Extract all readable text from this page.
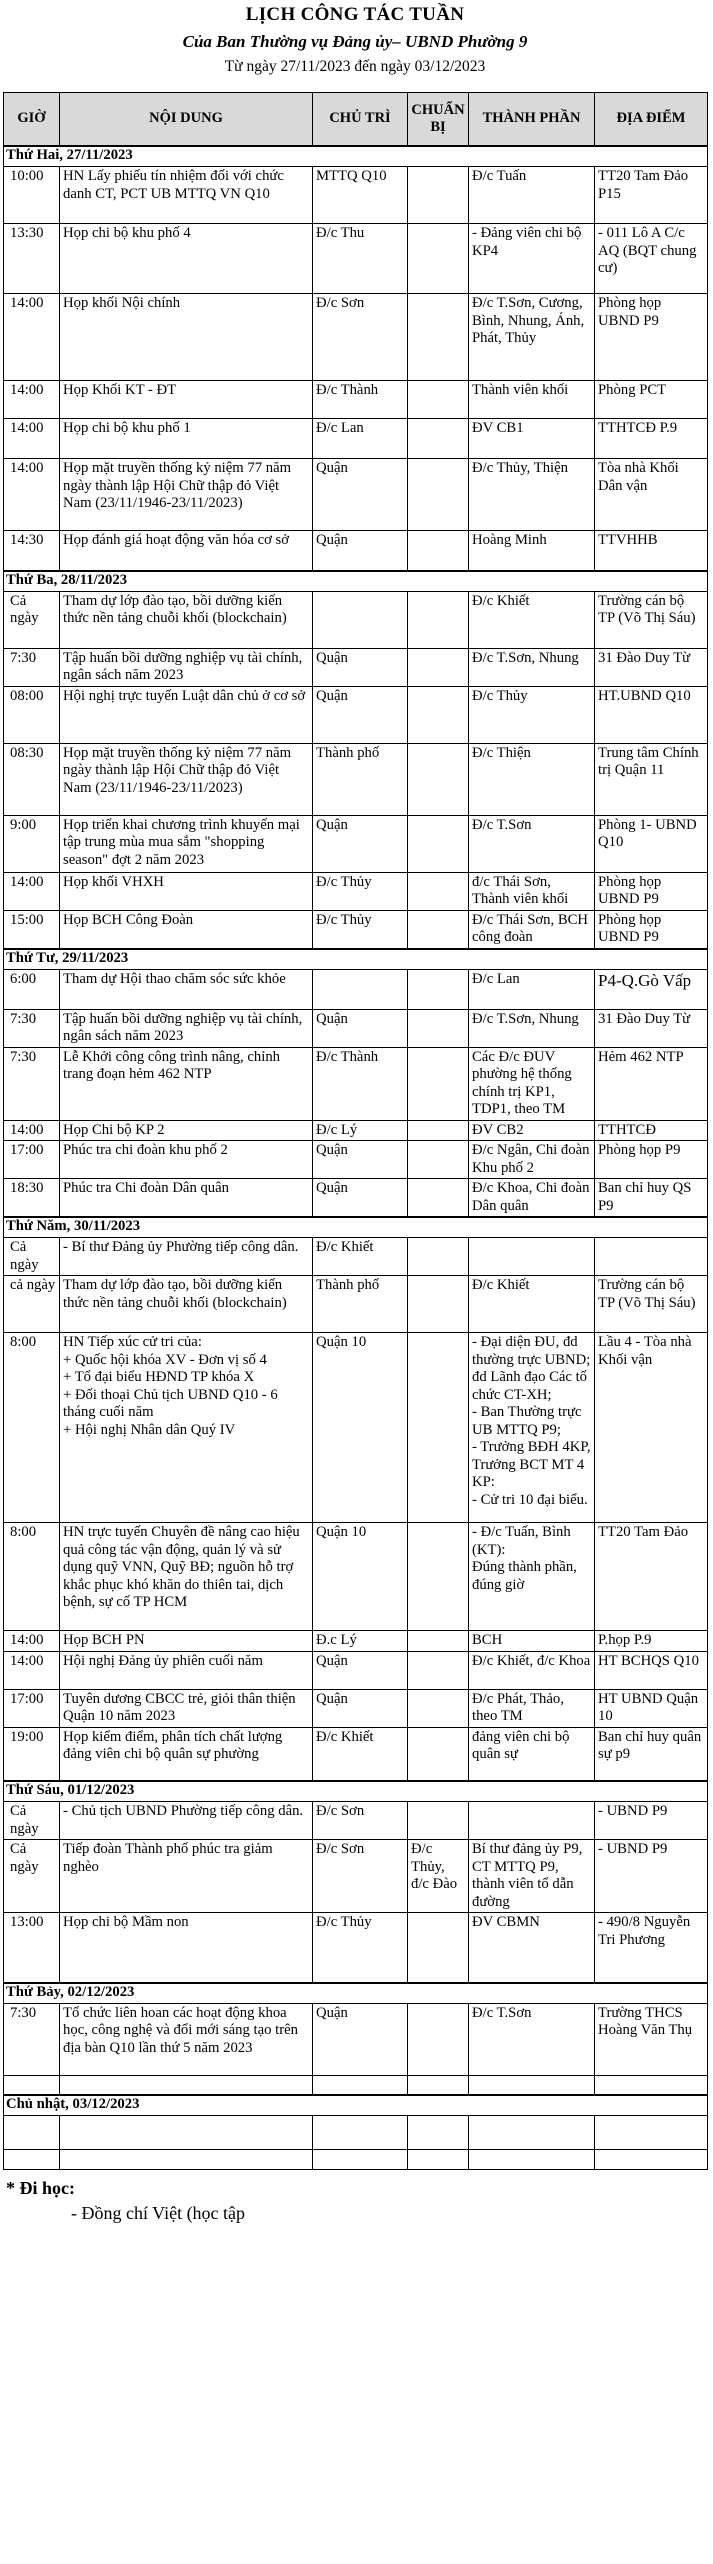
LỊCH CÔNG TÁC TUẦN
Của Ban Thường vụ Đảng ủy– UBND Phường 9
Từ ngày 27/11/2023 đến ngày 03/12/2023
GIỜ	NỘI DUNG	CHỦ TRÌ	CHUẨN BỊ	THÀNH PHẦN	ĐỊA ĐIỂM
Thứ Hai, 27/11/2023					
10:00	HN Lấy phiếu tín nhiệm đối với chức danh CT, PCT UB MTTQ VN Q10	MTTQ Q10		Đ/c Tuấn	TT20 Tam Đảo P15
13:30	Họp chi bộ khu phố 4	Đ/c Thu		- Đảng viên chi bộ KP4	- 011 Lô A C/c AQ (BQT chung cư)
14:00	Họp khối Nội chính	Đ/c Sơn		Đ/c T.Sơn, Cương, Bình, Nhung, Ánh, Phát, Thủy	Phòng họp UBND P9
14:00	Họp Khối KT - ĐT	Đ/c Thành		Thành viên khối	Phòng PCT
14:00	Họp chi bộ khu phố 1	Đ/c Lan		ĐV CB1	TTHTCĐ P.9
14:00	Họp mặt truyền thống kỷ niệm 77 năm ngày thành lập Hội Chữ thập đỏ Việt Nam (23/11/1946-23/11/2023)	Quận		Đ/c Thủy, Thiện	Tòa nhà Khối Dân vận
14:30	Họp đánh giá hoạt động văn hóa cơ sở	Quận		Hoàng Minh	TTVHHB
Thứ Ba, 28/11/2023					
Cả ngày	Tham dự lớp đào tạo, bồi dưỡng kiến thức nền tảng chuỗi khối (blockchain)			Đ/c Khiết	Trường cán bộ TP (Võ Thị Sáu)
7:30	Tập huấn bồi dưỡng nghiệp vụ tài chính, ngân sách năm 2023	Quận		Đ/c T.Sơn, Nhung	31 Đào Duy Từ
08:00	Hội nghị trực tuyến Luật dân chủ ở cơ sở	Quận		Đ/c Thủy	HT.UBND Q10
08:30	Họp mặt truyền thống kỷ niệm 77 năm ngày thành lập Hội Chữ thập đỏ Việt Nam (23/11/1946-23/11/2023)	Thành phố		Đ/c Thiện	Trung tâm Chính trị Quận 11
9:00	Họp triển khai chương trình khuyến mại tập trung mùa mua sắm "shopping season" đợt 2 năm 2023	Quận		Đ/c T.Sơn	Phòng 1- UBND Q10
14:00	Họp khối VHXH	Đ/c Thủy		đ/c Thái Sơn, Thành viên khối	Phòng họp UBND P9
15:00	Họp BCH Công Đoàn	Đ/c Thủy		Đ/c Thái Sơn, BCH công đoàn	Phòng họp UBND P9
Thứ Tư, 29/11/2023					
6:00	Tham dự Hội thao chăm sóc sức khỏe			Đ/c Lan	P4-Q.Gò Vấp
7:30	Tập huấn bồi dưỡng nghiệp vụ tài chính, ngân sách năm 2023	Quận		Đ/c T.Sơn, Nhung	31 Đào Duy Từ
7:30	Lễ Khởi công công trình nâng, chỉnh trang đoạn hẻm 462 NTP	Đ/c Thành		Các Đ/c ĐUV phường hệ thống chính trị KP1, TDP1, theo TM	Hẻm 462 NTP
14:00	Họp Chi bộ KP 2	Đ/c Lý		ĐV CB2	TTHTCĐ
17:00	Phúc tra chi đoàn khu phố 2	Quận		Đ/c Ngân, Chi đoàn Khu phố 2	Phòng họp P9
18:30	Phúc tra Chi đoàn Dân quân	Quận		Đ/c Khoa, Chi đoàn Dân quân	Ban chỉ huy QS P9
Thứ Năm, 30/11/2023					
Cả ngày	- Bí thư Đảng ủy Phường tiếp công dân.	Đ/c Khiết			
cả ngày	Tham dự lớp đào tạo, bồi dưỡng kiến thức nền tảng chuỗi khối (blockchain)	Thành phố		Đ/c Khiết	Trường cán bộ TP (Võ Thị Sáu)
8:00	HN Tiếp xúc cử tri của:
+ Quốc hội khóa XV - Đơn vị số 4
+ Tổ đại biểu HĐND TP khóa X
+ Đối thoại Chủ tịch UBND Q10 - 6 tháng cuối năm
+ Hội nghị Nhân dân Quý IV	Quận 10		- Đại diện ĐU, đd thường trực UBND; đd Lãnh đạo Các tổ chức CT-XH;
- Ban Thường trực UB MTTQ P9;
- Trưởng BĐH 4KP, Trưởng BCT MT 4 KP:
- Cử tri 10 đại biểu.	Lầu 4 - Tòa nhà Khối vận
8:00	HN trực tuyến Chuyên đề nâng cao hiệu quả công tác vận động, quản lý và sử dụng quỹ VNN, Quỹ BĐ; nguồn hỗ trợ khắc phục khó khăn do thiên tai, dịch bệnh, sự cố TP HCM	Quận 10		- Đ/c Tuấn, Bình (KT):
Đúng thành phần, đúng giờ	TT20 Tam Đảo
14:00	Họp BCH PN	Đ.c Lý		BCH	P.họp P.9
14:00	Hội nghị Đảng ủy phiên cuối năm	Quận		Đ/c Khiết, đ/c Khoa	HT BCHQS Q10
17:00	Tuyên dương CBCC trẻ, giỏi thân thiện Quận 10 năm 2023	Quận		Đ/c Phát, Thảo, theo TM	HT UBND Quận 10
19:00	Họp kiểm điểm, phân tích chất lượng đảng viên chi bộ quân sự phường	Đ/c Khiết		đảng viên chi bộ quân sự	Ban chỉ huy quân sự p9
Thứ Sáu, 01/12/2023					
Cả ngày	- Chủ tịch UBND Phường tiếp công dân.	Đ/c Sơn			- UBND P9
Cả ngày	Tiếp đoàn Thành phố phúc tra giảm nghèo	Đ/c Sơn	Đ/c Thủy, đ/c Đào	Bí thư đảng ủy P9, CT MTTQ P9, thành viên tổ dẫn đường	- UBND P9
13:00	Họp chi bộ Mầm non	Đ/c Thủy		ĐV CBMN	- 490/8 Nguyễn Tri Phương
Thứ Bảy, 02/12/2023					
7:30	Tổ chức liên hoan các hoạt động khoa học, công nghệ và đổi mới sáng tạo trên địa bàn Q10 lần thứ 5 năm 2023	Quận		Đ/c T.Sơn	Trường THCS Hoàng Văn Thụ

Chủ nhật, 03/12/2023					

* Đi học:
- Đồng chí Việt (học tập
